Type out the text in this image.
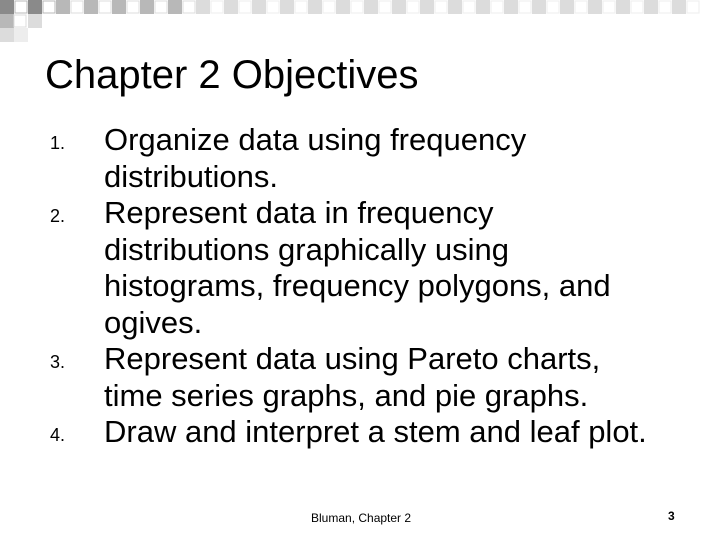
Chapter 2 Objectives
1.	Organize data using frequency distributions.
2.	Represent data in frequency distributions graphically using histograms, frequency polygons, and ogives.
3.	Represent data using Pareto charts, time series graphs, and pie graphs.
4.	Draw and interpret a stem and leaf plot.
Bluman, Chapter 2	3
